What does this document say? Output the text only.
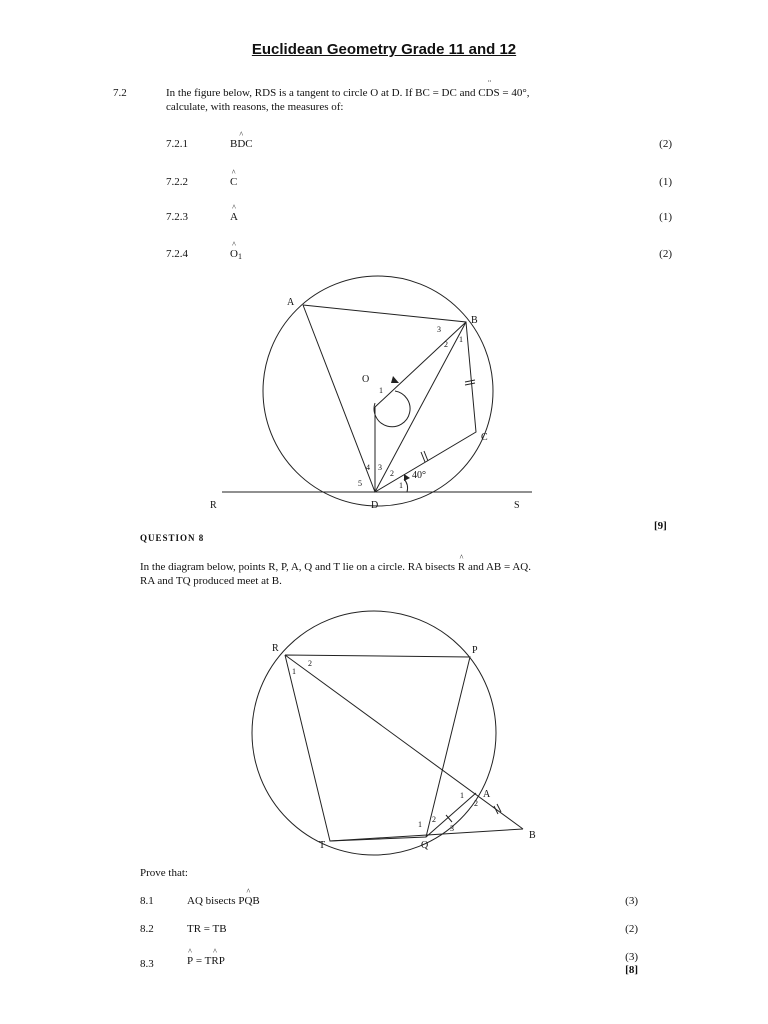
Euclidean Geometry Grade 11 and 12
7.2	In the figure below, RDS is a tangent to circle O at D. If BC = DC and C¨ DS = 40°,
calculate, with reasons, the measures of:
7.2.1	B^ DC	(2)
7.2.2	^ C	(1)
7.2.3	^ A	(1)
7.2.4	^ $O_1$	(2)
A
B
C
O
D
R	S
3
2
1
1
4 3
5
2
1
40°
[9]
QUESTION 8
In the diagram below, points R, P, A, Q and T lie on a circle. RA bisects ^ R and AB = AQ.
RA and TQ produced meet at B.
R	P
A
B
Q
T
1
2
1
2
1
2
3
Prove that:
8.1	AQ bisects P^ QB	(3)
8.2	TR = TB	(2)
8.3	^ P = T^ RP	(3)
[8]
